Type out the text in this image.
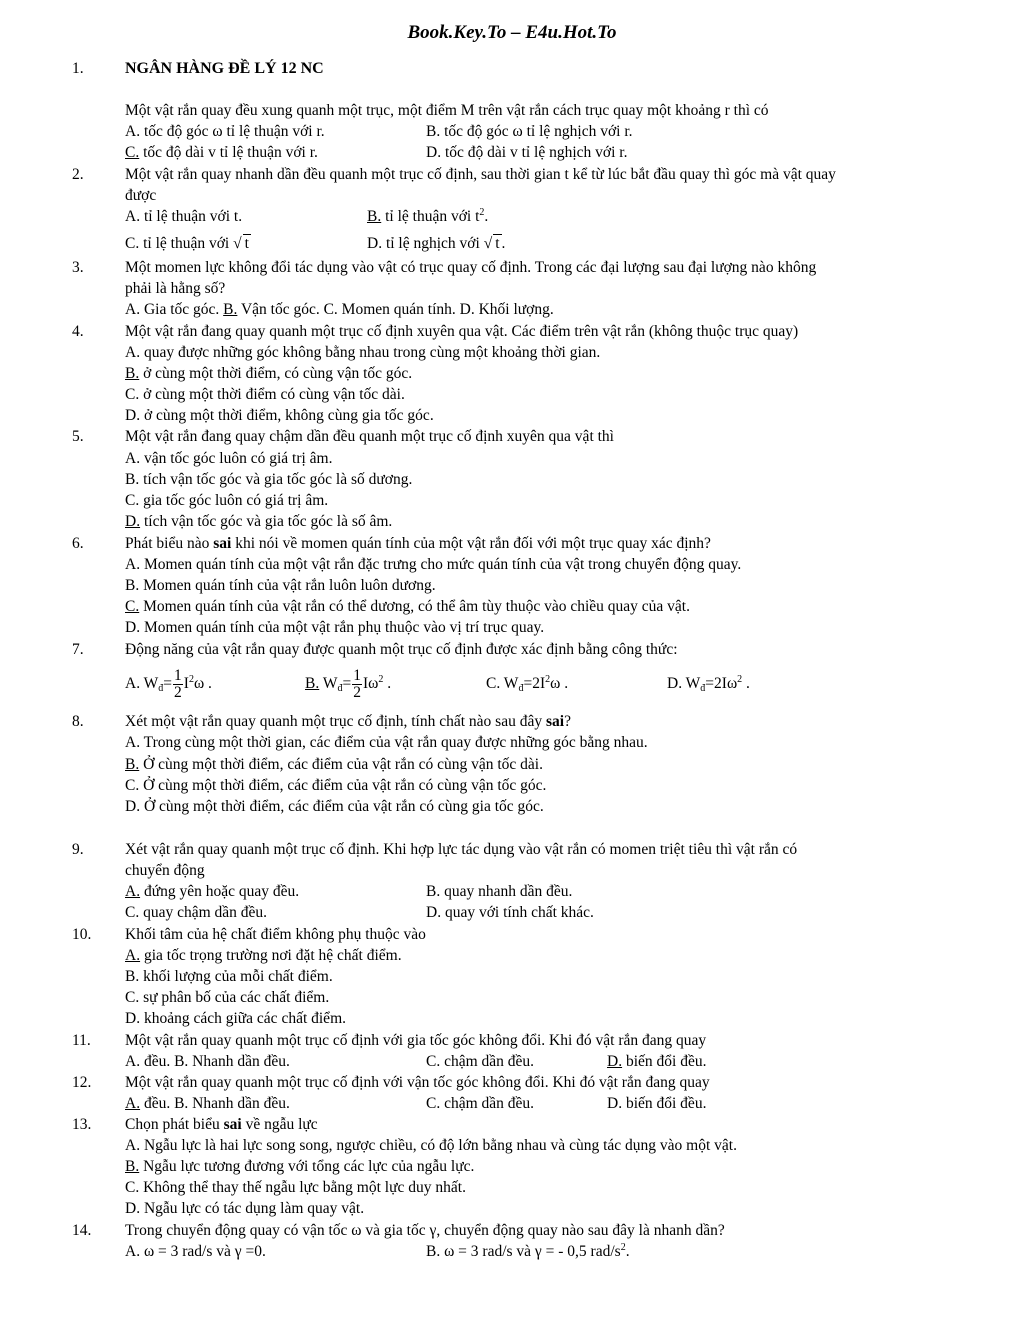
Book.Key.To – E4u.Hot.To
1.	NGÂN HÀNG ĐỀ LÝ 12 NC
Một vật rắn quay đều xung quanh một trục, một điểm M trên vật rắn cách trục quay một khoảng r thì có
A. tốc độ góc ω tỉ lệ thuận với r.	B. tốc độ góc ω tỉ lệ nghịch với r.
C. tốc độ dài v tỉ lệ thuận với r.	D. tốc độ dài v tỉ lệ nghịch với r.
2.	Một vật rắn quay nhanh dần đều quanh một trục cố định, sau thời gian t kể từ lúc bắt đầu quay thì góc mà vật quay
được
A. tỉ lệ thuận với t.	B. tỉ lệ thuận với $t^2$.
C. tỉ lệ thuận với √ t	D. tỉ lệ nghịch với √ t .
3.	Một momen lực không đổi tác dụng vào vật có trục quay cố định. Trong các đại lượng sau đại lượng nào không
phải là hằng số?
A. Gia tốc góc. B. Vận tốc góc. C. Momen quán tính. D. Khối lượng.
4.	Một vật rắn đang quay quanh một trục cố định xuyên qua vật. Các điểm trên vật rắn (không thuộc trục quay)
A. quay được những góc không bằng nhau trong cùng một khoảng thời gian.
B. ở cùng một thời điểm, có cùng vận tốc góc.
C. ở cùng một thời điểm có cùng vận tốc dài.
D. ở cùng một thời điểm, không cùng gia tốc góc.
5.	Một vật rắn đang quay chậm dần đều quanh một trục cố định xuyên qua vật thì
A. vận tốc góc luôn có giá trị âm.
B. tích vận tốc góc và gia tốc góc là số dương.
C. gia tốc góc luôn có giá trị âm.
D. tích vận tốc góc và gia tốc góc là số âm.
6.	Phát biểu nào sai khi nói về momen quán tính của một vật rắn đối với một trục quay xác định?
A. Momen quán tính của một vật rắn đặc trưng cho mức quán tính của vật trong chuyển động quay.
B. Momen quán tính của vật rắn luôn luôn dương.
C. Momen quán tính của vật rắn có thể dương, có thể âm tùy thuộc vào chiều quay của vật.
D. Momen quán tính của một vật rắn phụ thuộc vào vị trí trục quay.
7.	Động năng của vật rắn quay được quanh một trục cố định được xác định bằng công thức:
A. $W_đ= \frac{1}{2} I^2\omega$ .	B. $W_đ= \frac{1}{2} I\omega^2$ .	C. $W_đ=2I^2\omega$ .	D. $W_đ=2I\omega^2$ .
8.	Xét một vật rắn quay quanh một trục cố định, tính chất nào sau đây sai?
A. Trong cùng một thời gian, các điểm của vật rắn quay được những góc bằng nhau.
B. Ở cùng một thời điểm, các điểm của vật rắn có cùng vận tốc dài.
C. Ở cùng một thời điểm, các điểm của vật rắn có cùng vận tốc góc.
D. Ở cùng một thời điểm, các điểm của vật rắn có cùng gia tốc góc.
9.	Xét vật rắn quay quanh một trục cố định. Khi hợp lực tác dụng vào vật rắn có momen triệt tiêu thì vật rắn có
chuyển động
A. đứng yên hoặc quay đều.	B. quay nhanh dần đều.
C. quay chậm dần đều.	D. quay với tính chất khác.
10. Khối tâm của hệ chất điểm không phụ thuộc vào
A. gia tốc trọng trường nơi đặt hệ chất điểm.
B. khối lượng của mỗi chất điểm.
C. sự phân bố của các chất điểm.
D. khoảng cách giữa các chất điểm.
11. Một vật rắn quay quanh một trục cố định với gia tốc góc không đổi. Khi đó vật rắn đang quay
A. đều. B. Nhanh dần đều.	C. chậm dần đều.	D. biến đổi đều.
12. Một vật rắn quay quanh một trục cố định với vận tốc góc không đổi. Khi đó vật rắn đang quay
A. đều. B. Nhanh dần đều.	C. chậm dần đều.	D. biến đổi đều.
13. Chọn phát biểu sai về ngẫu lực
A. Ngẫu lực là hai lực song song, ngược chiều, có độ lớn bằng nhau và cùng tác dụng vào một vật.
B. Ngẫu lực tương đương với tổng các lực của ngẫu lực.
C. Không thể thay thế ngẫu lực bằng một lực duy nhất.
D. Ngẫu lực có tác dụng làm quay vật.
14. Trong chuyển động quay có vận tốc ω và gia tốc γ, chuyển động quay nào sau đây là nhanh dần?
A. ω = 3 rad/s và γ =0.	B. ω = 3 rad/s và γ = - 0,5 rad/$s^2$.
